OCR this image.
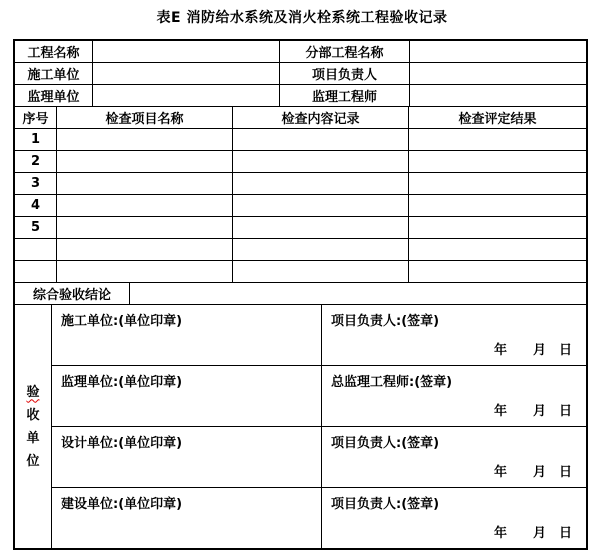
表E 消防给水系统及消火栓系统工程验收记录
工程名称	分部工程名称
施工单位	项目负责人
监理单位	监理工程师
序号	检查项目名称	检查内容记录	检查评定结果
1
2
3
4
5
综合验收结论
验
收
单
位
施工单位:(单位印章)	项目负责人:(签章)
年　　月　日
监理单位:(单位印章)	总监理工程师:(签章)
年　　月　日
设计单位:(单位印章)	项目负责人:(签章)
年　　月　日
建设单位:(单位印章)	项目负责人:(签章)
年　　月　日
